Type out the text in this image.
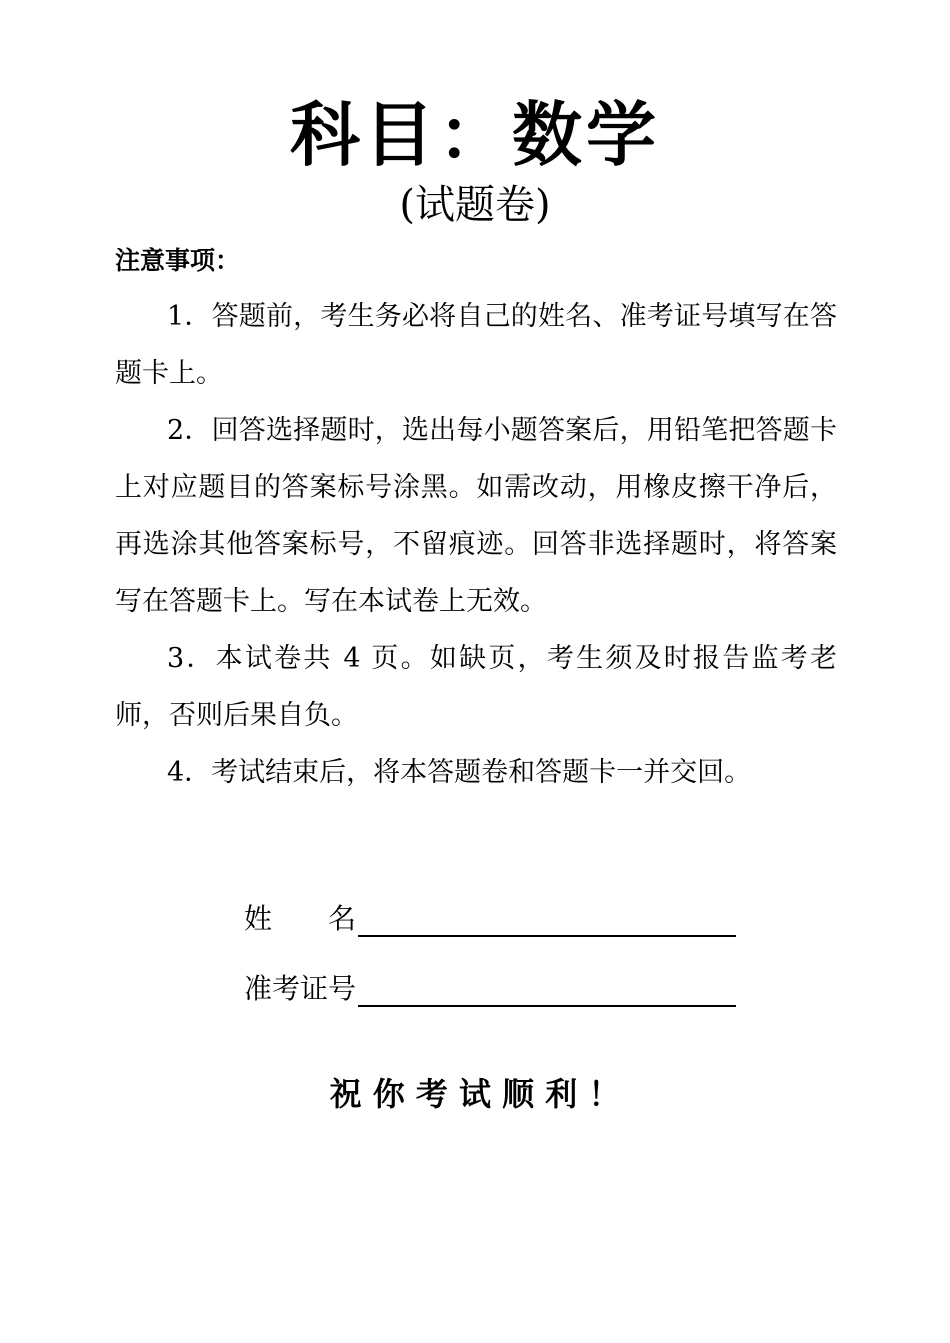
科目：数学
(试题卷)
注意事项：

1．答题前，考生务必将自己的姓名、准考证号填写在答题卡上。

2．回答选择题时，选出每小题答案后，用铅笔把答题卡上对应题目的答案标号涂黑。如需改动，用橡皮擦干净后，再选涂其他答案标号，不留痕迹。回答非选择题时，将答案写在答题卡上。写在本试卷上无效。

3．本试卷共 4 页。如缺页，考生须及时报告监考老师，否则后果自负。

4．考试结束后，将本答题卷和答题卡一并交回。

姓　　名
准考证号
祝 你 考 试 顺 利 ！
